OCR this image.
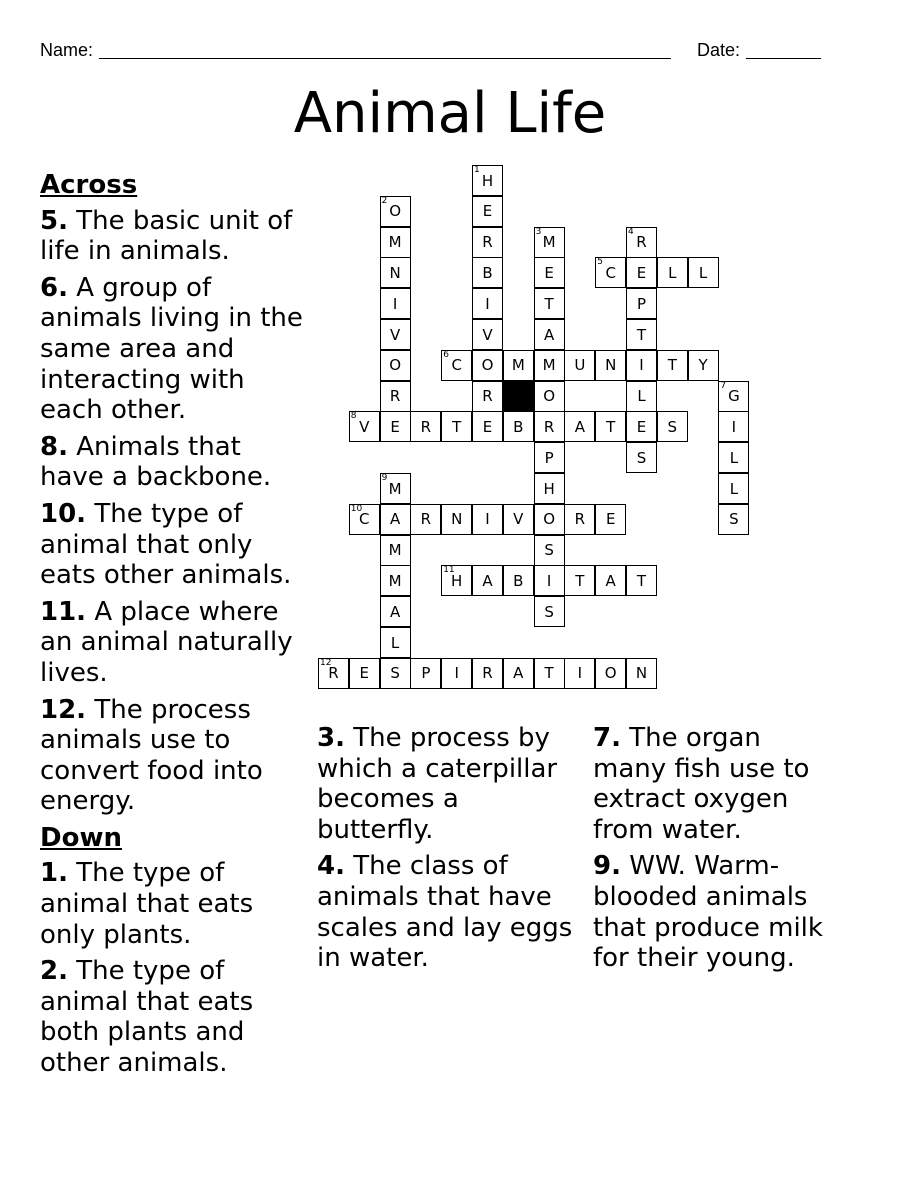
Name:	Date:
Animal Life
1
H
E
R
B
I
V
O
R
E
2
O
M
N
I
V
O
R
E
3
M
E
T
A
M
O
R
P
H
O
S
I
S
4
R
E
P
T
I
L
E
S
5
C	L	L
6
C	M	U	N	T	Y
7
G
I
L
L
S
8
V	R	T	B	A	T	S
9
M
A
M
M
A
L
10
C	R	N	I	V	R	E
11
H	A	B	T	A	T
12
R	E	S	P	I	R	A	T	I	O	N
Across
5. The basic unit of life in animals.
6. A group of animals living in the same area and interacting with each other.
8. Animals that have a backbone.
10. The type of animal that only eats other animals.
11. A place where an animal naturally lives.
12. The process animals use to convert food into energy.
Down
1. The type of animal that eats only plants.
2. The type of animal that eats both plants and other animals.
3. The process by which a caterpillar becomes a butterfly.
4. The class of animals that have scales and lay eggs in water.
7. The organ many fish use to extract oxygen from water.
9. WW. Warm-blooded animals that produce milk for their young.
